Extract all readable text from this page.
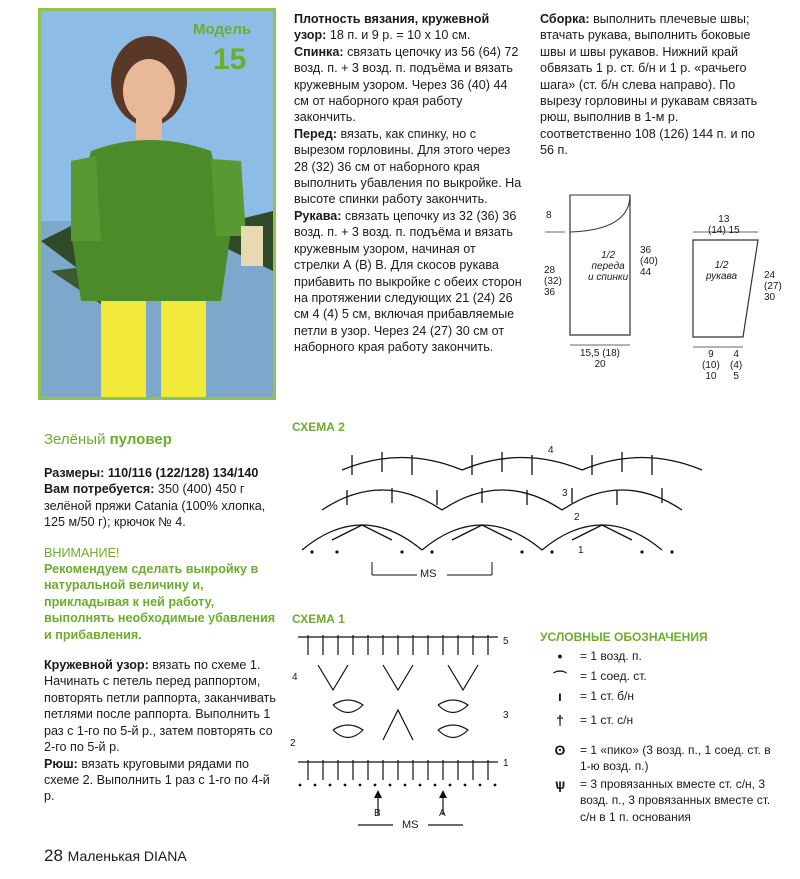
Модель
15
Зелёный пуловер

Размеры: 110/116 (122/128) 134/140

Вам потребуется: 350 (400) 450 г зелёной пряжи Catania (100% хлопка, 125 м/50 г); крючок № 4.

ВНИМАНИЕ!

Рекомендуем сделать выкройку в натуральной величину и, прикладывая к ней работу, выполнять необходимые убавления и прибавления.

Кружевной узор: вязать по схеме 1. Начинать с петель перед раппортом, повторять петли раппорта, заканчивать петлями после раппорта. Выполнить 1 раз с 1-го по 5-й р., затем повторять со 2-го по 5-й р.

Рюш: вязать круговыми рядами по схеме 2. Выполнить 1 раз с 1-го по 4-й р.

Плотность вязания, кружевной узор: 18 п. и 9 р. = 10 х 10 см.

Спинка: связать цепочку из 56 (64) 72 возд. п. + 3 возд. п. подъёма и вязать кружевным узором. Через 36 (40) 44 см от наборного края работу закончить.

Перед: вязать, как спинку, но с вырезом горловины. Для этого через 28 (32) 36 см от наборного края выполнить убавления по выкройке. На высоте спинки работу закончить.

Рукава: связать цепочку из 32 (36) 36 возд. п. + 3 возд. п. подъёма и вязать кружевным узором, начиная от стрелки А (В) В. Для скосов рукава прибавить по выкройке с обеих сторон на протяжении следующих 21 (24) 26 см 4 (4) 5 см, включая прибавляемые петли в узор. Через 24 (27) 30 см от наборного края работу закончить.

Сборка: выполнить плечевые швы; втачать рукава, выполнить боковые швы и швы рукавов. Нижний край обвязать 1 р. ст. б/н и 1 р. «рачьего шага» (ст. б/н слева направо). По вырезу горловины и рукавам связать рюш, выполнив в 1-м р. соответственно 108 (126) 144 п. и по 56 п.

8
1/2
переда
и спинки
28
(32)
36
36
(40)
44
15,5 (18)
20
13
(14) 15
1/2
рукава	24
(27)
30
9
(10)
10
4
(4)
5
СХЕМА 2
MS
1
2
3
4
СХЕМА 1
1
2
3
4
5
B	A
MS
УСЛОВНЫЕ ОБОЗНАЧЕНИЯ
•	= 1 возд. п.
⌒	= 1 соед. ст.
ı	= 1 ст. б/н
†	= 1 ст. с/н
ʘ	= 1 «пико» (3 возд. п., 1 соед. ст. в 1-ю возд. п.)
ѱ	= 3 провязанных вместе ст. с/н, 3 возд. п., 3 провязанных вместе ст. с/н в 1 п. основания
28 Маленькая DIANA
